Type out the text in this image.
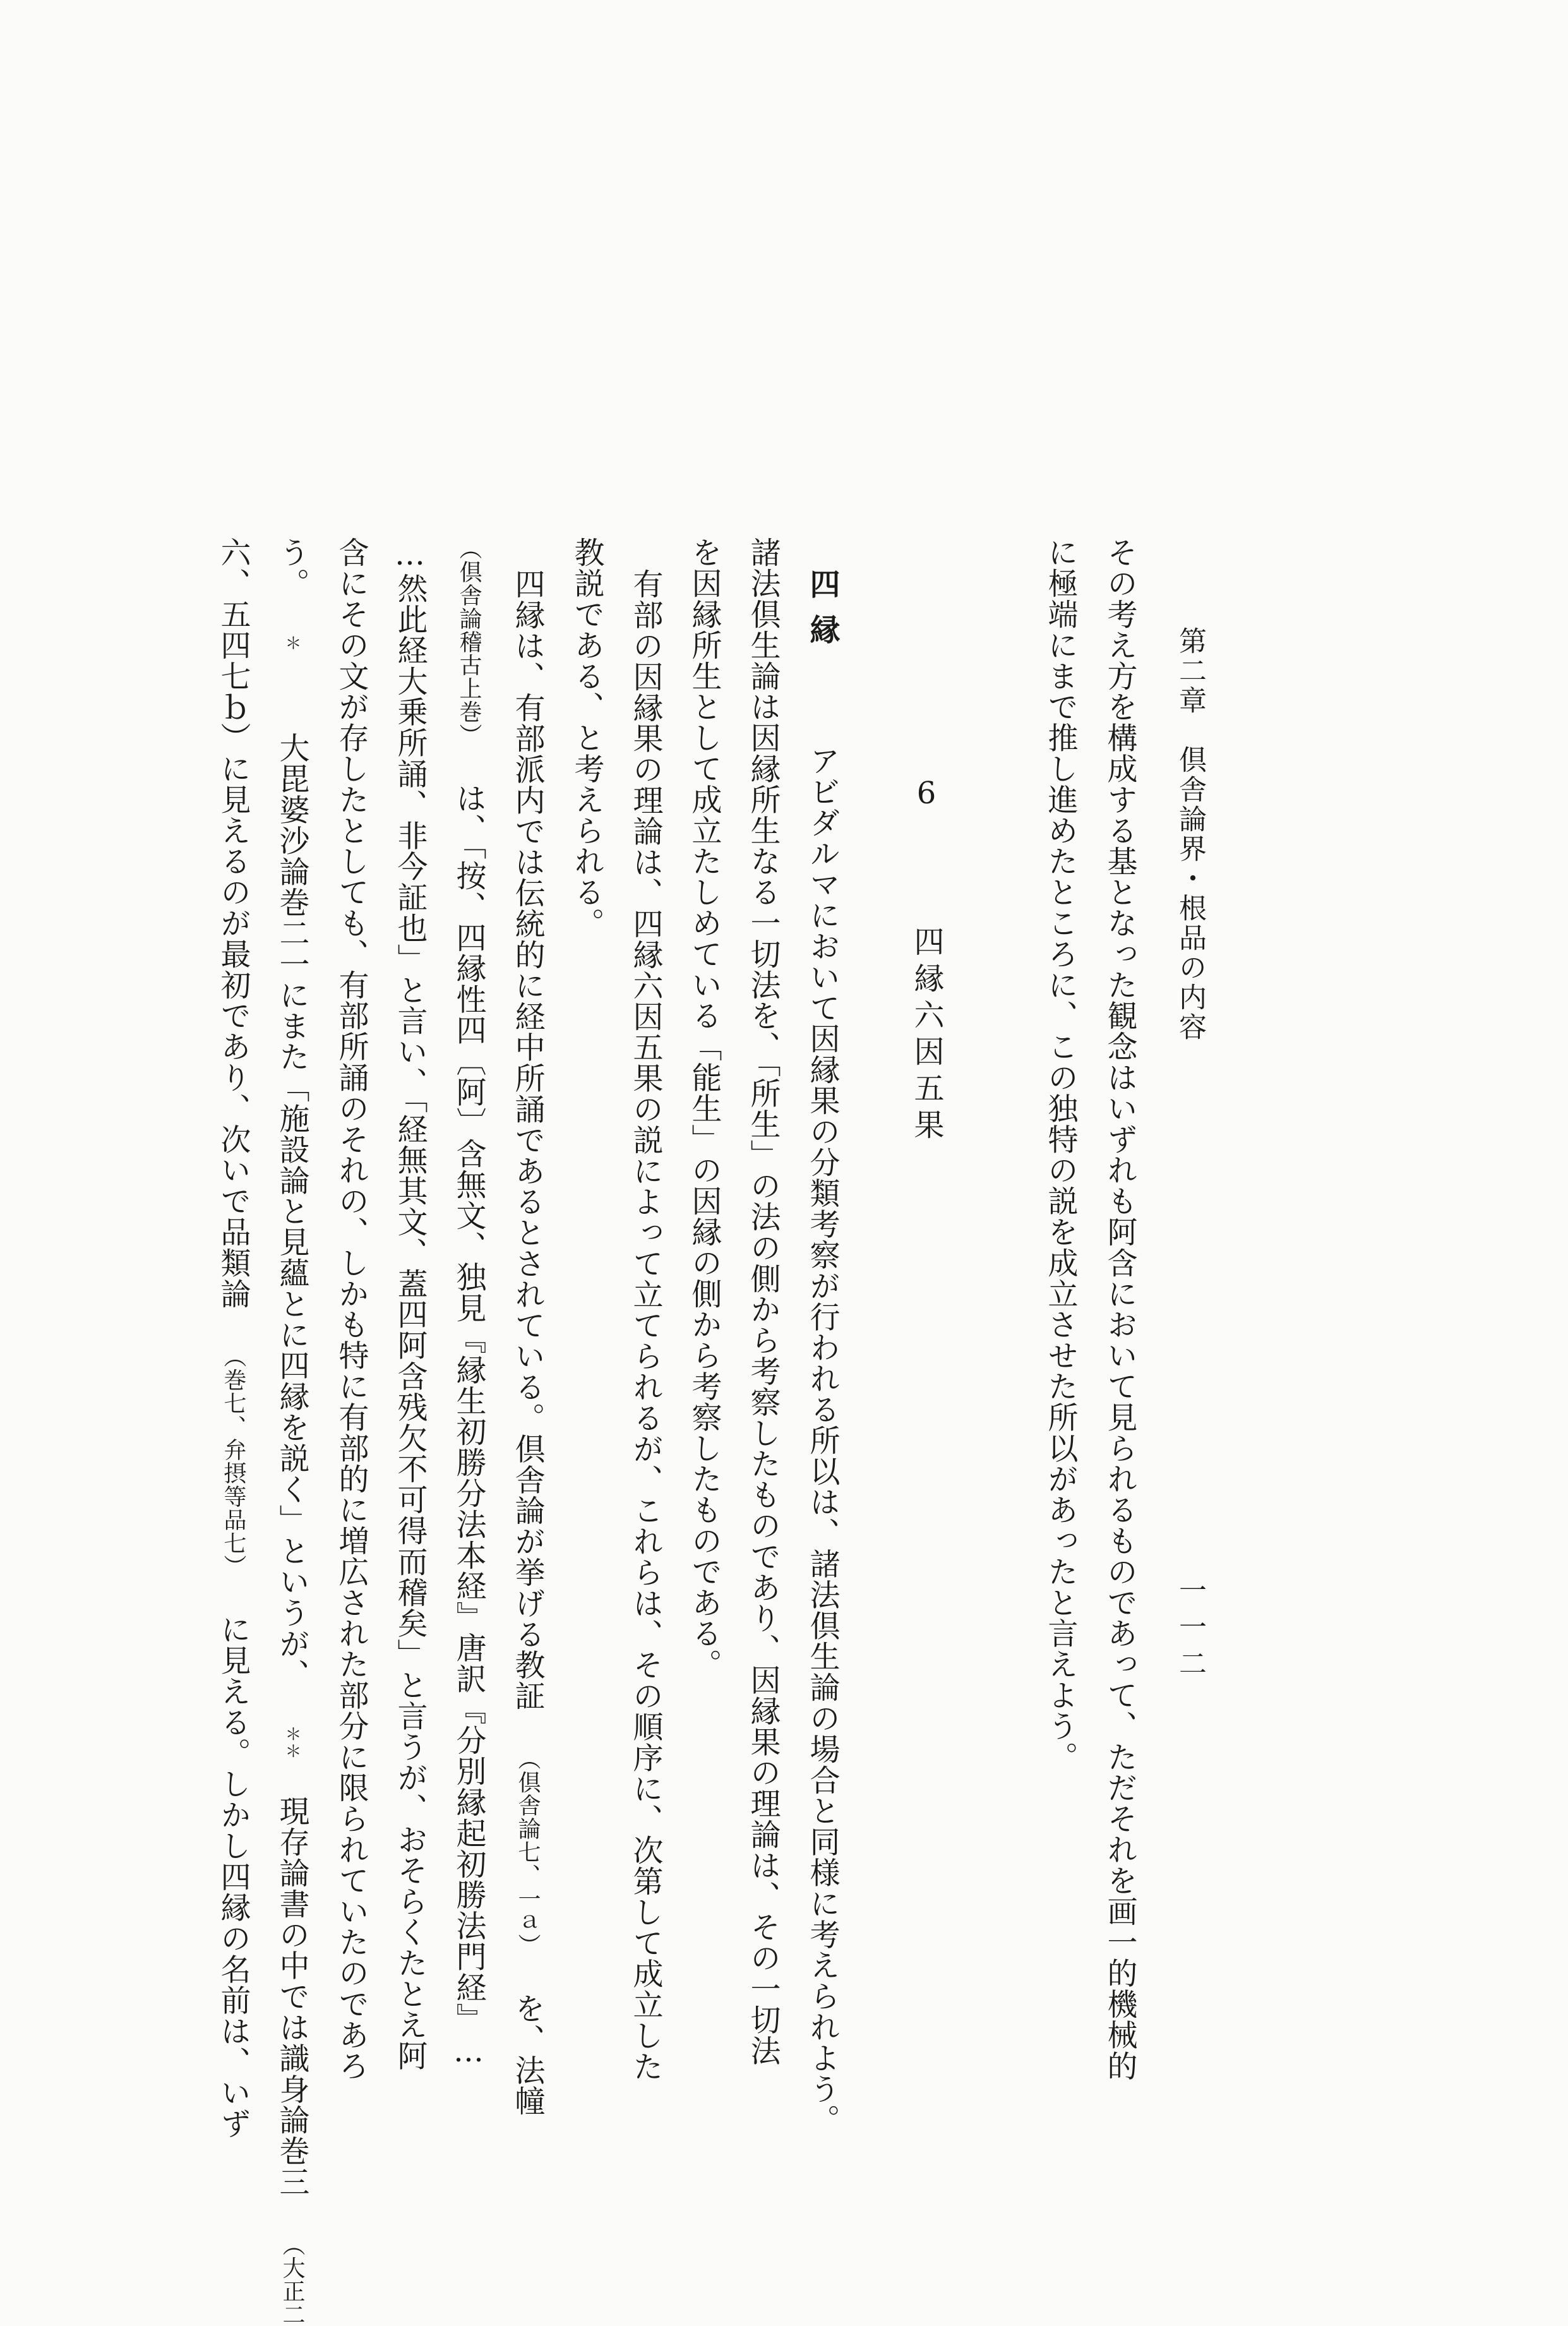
第二章　倶舎論界・根品の内容
一一二
その考え方を構成する基となった観念はいずれも阿含において見られるものであって、ただそれを画一的機械的
に極端にまで推し進めたところに、この独特の説を成立させた所以があったと言えよう。
6  四縁六因五果
四縁  アビダルマにおいて因縁果の分類考察が行われる所以は、諸法倶生論の場合と同様に考えられよう。
諸法倶生論は因縁所生なる一切法を、「所生」の法の側から考察したものであり、因縁果の理論は、その一切法
を因縁所生として成立たしめている「能生」の因縁の側から考察したものである。
有部の因縁果の理論は、四縁六因五果の説によって立てられるが、これらは、その順序に、次第して成立した
教説である、と考えられる。
四縁は、有部派内では伝統的に経中所誦であるとされている。倶舎論が挙げる教証 （倶舎論七、一ａ） を、法幢
（倶舎論稽古上巻） は、「按、四縁性四〔阿〕含無文、独見『縁生初勝分法本経』唐訳『分別縁起初勝法門経』…
…然此経大乗所誦、非今証也」と言い、「経無其文、蓋四阿含残欠不可得而稽矣」と言うが、おそらくたとえ阿
含にその文が存したとしても、有部所誦のそれの、しかも特に有部的に増広された部分に限られていたのであろ
う。 ＊  大毘婆沙論巻二一にまた「施設論と見蘊とに四縁を説く」というが、 ＊＊ 現存論書の中では識身論巻三 （大正二
六、五四七ｂ）に見えるのが最初であり、次いで品類論 （巻七、弁摂等品七） に見える。しかし四縁の名前は、いず
